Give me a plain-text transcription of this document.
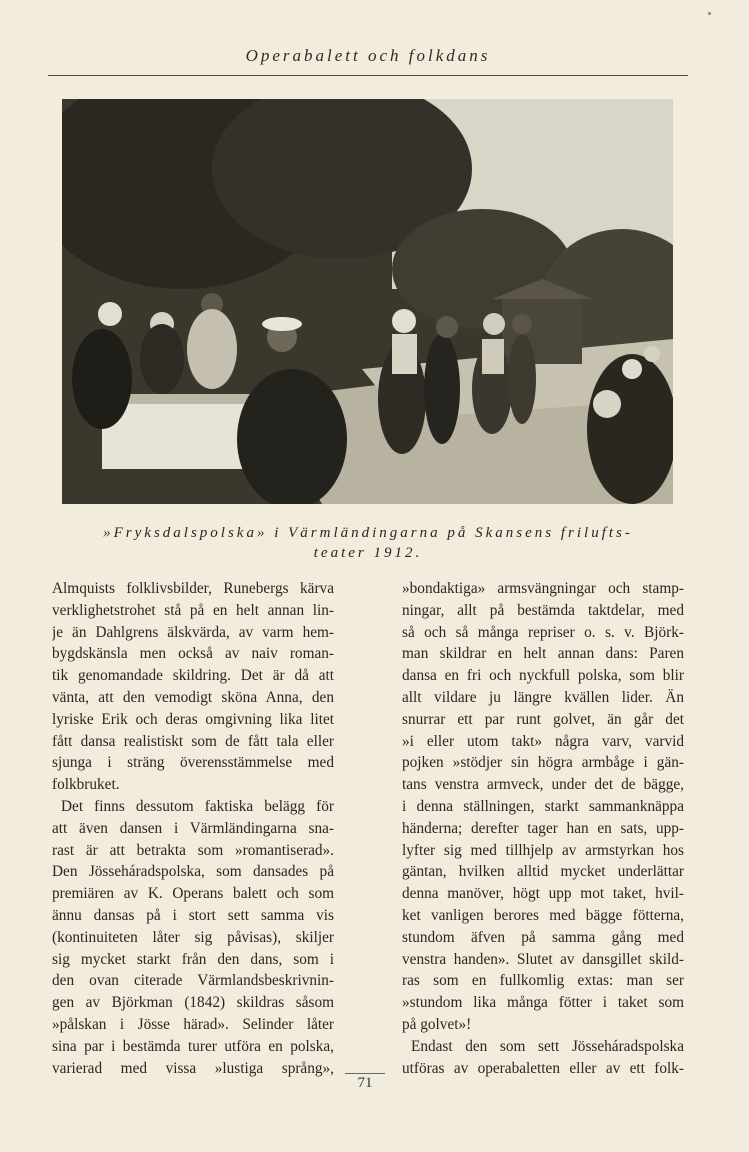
Operabalett och folkdans
»Fryksdalspolska» i Värmländingarna på Skansens frilufts-
teater 1912.
Almquists folklivsbilder, Runebergs kärva
verklighetstrohet stå på en helt annan lin-
je än Dahlgrens älskvärda, av varm hem-
bygdskänsla men också av naiv roman-
tik genomandade skildring. Det är då att
vänta, att den vemodigt sköna Anna, den
lyriske Erik och deras omgivning lika litet
fått dansa realistiskt som de fått tala eller
sjunga i sträng överensstämmelse med
folkbruket.
Det finns dessutom faktiska belägg för
att även dansen i Värmländingarna sna-
rast är att betrakta som »romantiserad».
Den Jösseháradspolska, som dansades på
premiären av K. Operans balett och som
ännu dansas på i stort sett samma vis
(kontinuiteten låter sig påvisas), skiljer
sig mycket starkt från den dans, som i
den ovan citerade Värmlandsbeskrivnin-
gen av Björkman (1842) skildras såsom
»pålskan i Jösse härad». Selinder låter
sina par i bestämda turer utföra en polska,
varierad med vissa »lustiga språng»,
»bondaktiga» armsvängningar och stamp-
ningar, allt på bestämda taktdelar, med
så och så många repriser o. s. v. Björk-
man skildrar en helt annan dans: Paren
dansa en fri och nyckfull polska, som blir
allt vildare ju längre kvällen lider. Än
snurrar ett par runt golvet, än går det
»i eller utom takt» några varv, varvid
pojken »stödjer sin högra armbåge i gän-
tans venstra armveck, under det de bägge,
i denna ställningen, starkt sammanknäppa
händerna; derefter tager han en sats, upp-
lyfter sig med tillhjelp av armstyrkan hos
gäntan, hvilken alltid mycket underlättar
denna manöver, högt upp mot taket, hvil-
ket vanligen berores med bägge fötterna,
stundom äfven på samma gång med
venstra handen». Slutet av dansgillet skild-
ras som en fullkomlig extas: man ser
»stundom lika många fötter i taket som
på golvet»!
Endast den som sett Jösseháradspolska
utföras av operabaletten eller av ett folk-
71
